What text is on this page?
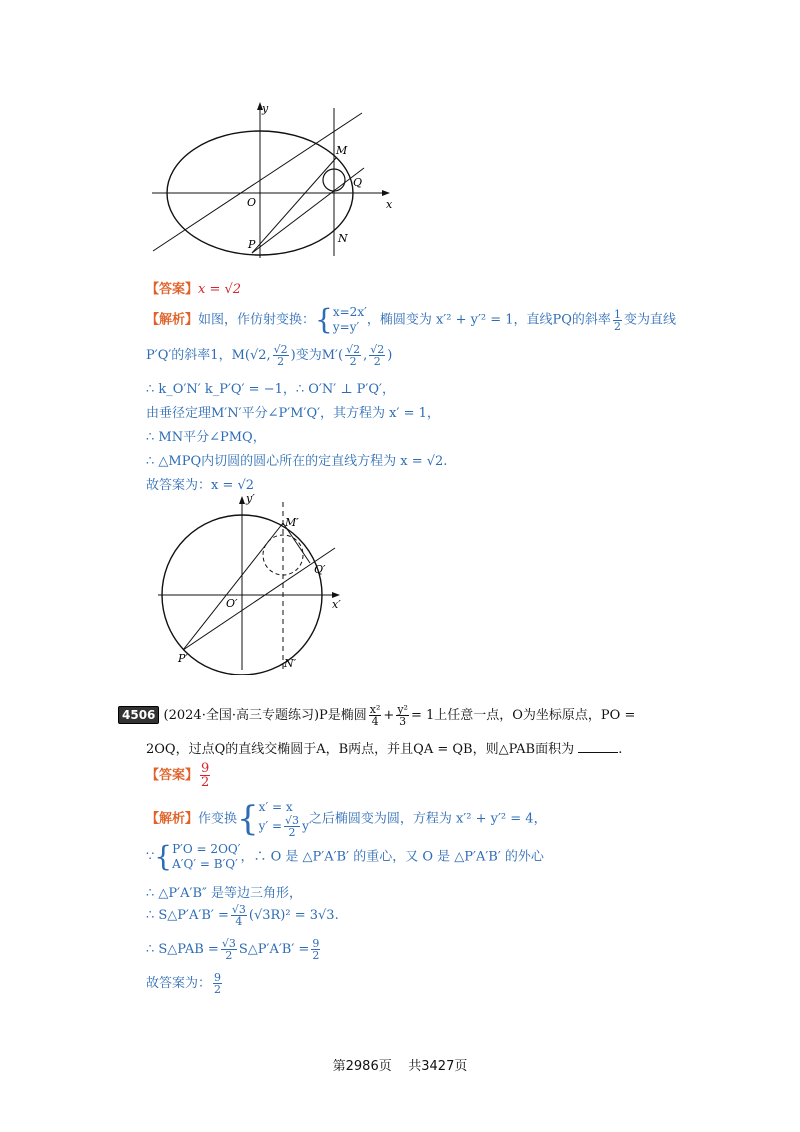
y
x
O
M
Q
N
P
【答案】x = √2
【解析】如图，作仿射变换：{x=2x′
y=y′ ，椭圆变为 x′² + y′² = 1，直线PQ的斜率 $\frac{1}{2}$ 变为直线
P′Q′的斜率1，M(√2, $\frac{√2}{2}$ )变为$M'( \frac{√2}{2}$ , $\frac{√2}{2}$ )
∴ k_O′N′ k_P′Q′ = −1，∴ O′N′ ⊥ P′Q′，
由垂径定理M′N′平分∠P′M′Q′，其方程为 x′ = 1，
∴ MN平分∠PMQ，
∴ △MPQ内切圆的圆心所在的定直线方程为 x = √2.
故答案为：x = √2
y′
x′
O′
M′
Q′
N′
P′
4506 (2024·全国·高三专题练习)P是椭圆 $\frac{\text{x²}}{4} + \frac{\text{y²}}{3} = 1$上任意一点，O为坐标原点，PO =
2OQ，过点Q的直线交椭圆于A，B两点，并且QA = QB，则△PAB面积为	.
【答案】 $\frac{9}{2}$
【解析】作变换{x′ = x
$y' = \frac{√3}{2}$ y之后椭圆变为圆，方程为 x′² + y′² = 4，
∵{P′O = 2OQ′
A′Q′ = B′Q′ ，∴ O 是 △P′A′B′ 的重心，又 O 是 △P′A′B′ 的外心
∴ △P′A′B″ 是等边三角形，
∴ S△P′A′B′ = $\frac{√3}{4} (√3R)^2 = 3√3$.
∴ S△PAB = $\frac{√3}{2}$ S△P′A′B′ = $\frac{9}{2}$
故答案为： $\frac{9}{2}$
第2986页 共3427页
